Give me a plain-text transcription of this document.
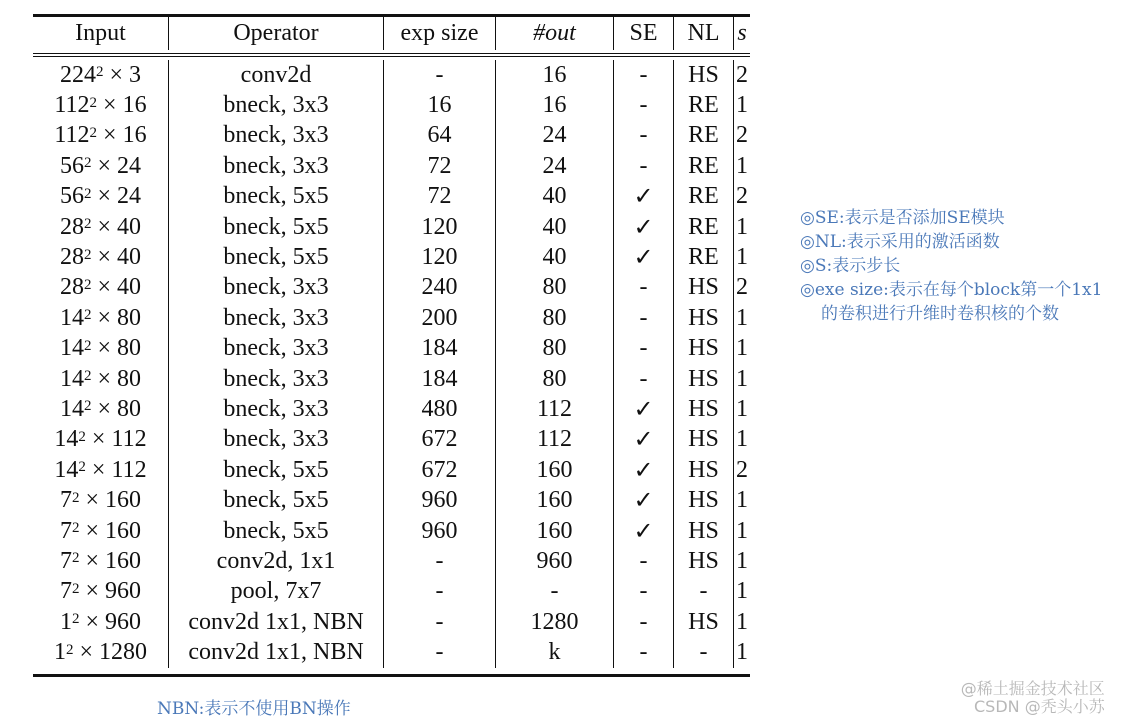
Input	Operator	exp size	#out	SE	NL s
$224^2 \times 3$	conv2d	-	16	-	HS 2
$112^2 \times 16$	bneck, 3x3	16	16	-	RE 1
$112^2 \times 16$	bneck, 3x3	64	24	-	RE 2
$56^2 \times 24$	bneck, 3x3	72	24	-	RE 1
$56^2 \times 24$	bneck, 5x5	72	40	✓	RE 2
$28^2 \times 40$	bneck, 5x5	120	40	✓	RE 1
$28^2 \times 40$	bneck, 5x5	120	40	✓	RE 1
$28^2 \times 40$	bneck, 3x3	240	80	-	HS 2
$14^2 \times 80$	bneck, 3x3	200	80	-	HS 1
$14^2 \times 80$	bneck, 3x3	184	80	-	HS 1
$14^2 \times 80$	bneck, 3x3	184	80	-	HS 1
$14^2 \times 80$	bneck, 3x3	480	112	✓	HS 1
$14^2 \times 112$	bneck, 3x3	672	112	✓	HS 1
$14^2 \times 112$	bneck, 5x5	672	160	✓	HS 2
$7^2 \times 160$	bneck, 5x5	960	160	✓	HS 1
$7^2 \times 160$	bneck, 5x5	960	160	✓	HS 1
$7^2 \times 160$	conv2d, 1x1	-	960	-	HS 1
$7^2 \times 960$	pool, 7x7	-	-	-	-	1
$1^2 \times 960$	conv2d 1x1, NBN	-	1280	-	HS 1
$1^2 \times 1280$	conv2d 1x1, NBN	-	k	-	-	1
◎SE:表示是否添加SE模块
◎NL:表示采用的激活函数
◎S:表示步长
◎exe size:表示在每个block第一个1x1
的卷积进行升维时卷积核的个数
NBN:表示不使用BN操作
@稀土掘金技术社区
CSDN @秃头小苏
